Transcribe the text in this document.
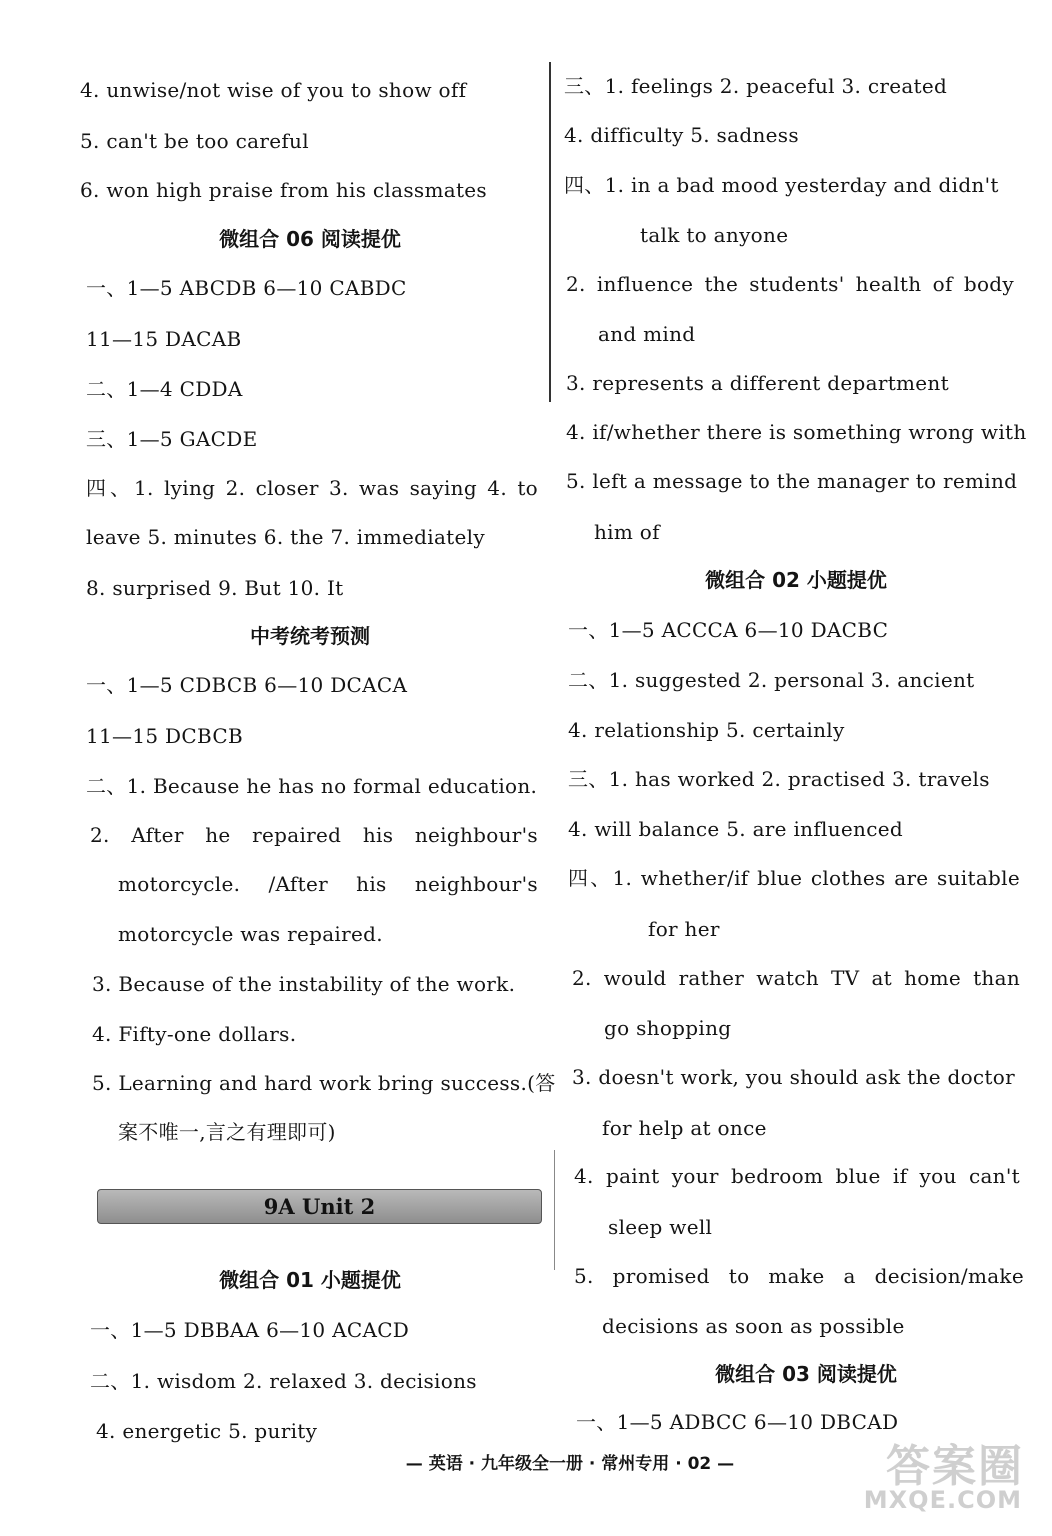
4. unwise/not wise of you to show off
5. can't be too careful
6. won high praise from his classmates
微组合 06 阅读提优
一、1—5 ABCDB 6—10 CABDC
11—15 DACAB
二、1—4 CDDA
三、1—5 GACDE
四、1. lying 2. closer 3. was saying 4. to
leave 5. minutes 6. the 7. immediately
8. surprised 9. But 10. It
中考统考预测
一、1—5 CDBCB 6—10 DCACA
11—15 DCBCB
二、1. Because he has no formal education.
2. After he repaired his neighbour's
motorcycle. /After his neighbour's
motorcycle was repaired.
3. Because of the instability of the work.
4. Fifty-one dollars.
5. Learning and hard work bring success.(答
案不唯一,言之有理即可)
9A Unit 2
微组合 01 小题提优
一、1—5 DBBAA 6—10 ACACD
二、1. wisdom 2. relaxed 3. decisions
4. energetic 5. purity
三、1. feelings 2. peaceful 3. created
4. difficulty 5. sadness
四、1. in a bad mood yesterday and didn't
talk to anyone
2. influence the students' health of body
and mind
3. represents a different department
4. if/whether there is something wrong with
5. left a message to the manager to remind
him of
微组合 02 小题提优
一、1—5 ACCCA 6—10 DACBC
二、1. suggested 2. personal 3. ancient
4. relationship 5. certainly
三、1. has worked 2. practised 3. travels
4. will balance 5. are influenced
四、1. whether/if blue clothes are suitable
for her
2. would rather watch TV at home than
go shopping
3. doesn't work, you should ask the doctor
for help at once
4. paint your bedroom blue if you can't
sleep well
5. promised to make a decision/make
decisions as soon as possible
微组合 03 阅读提优
一、1—5 ADBCC 6—10 DBCAD
— 英语 · 九年级全一册 · 常州专用 · 02 —	答案圈
MXQE.COM
